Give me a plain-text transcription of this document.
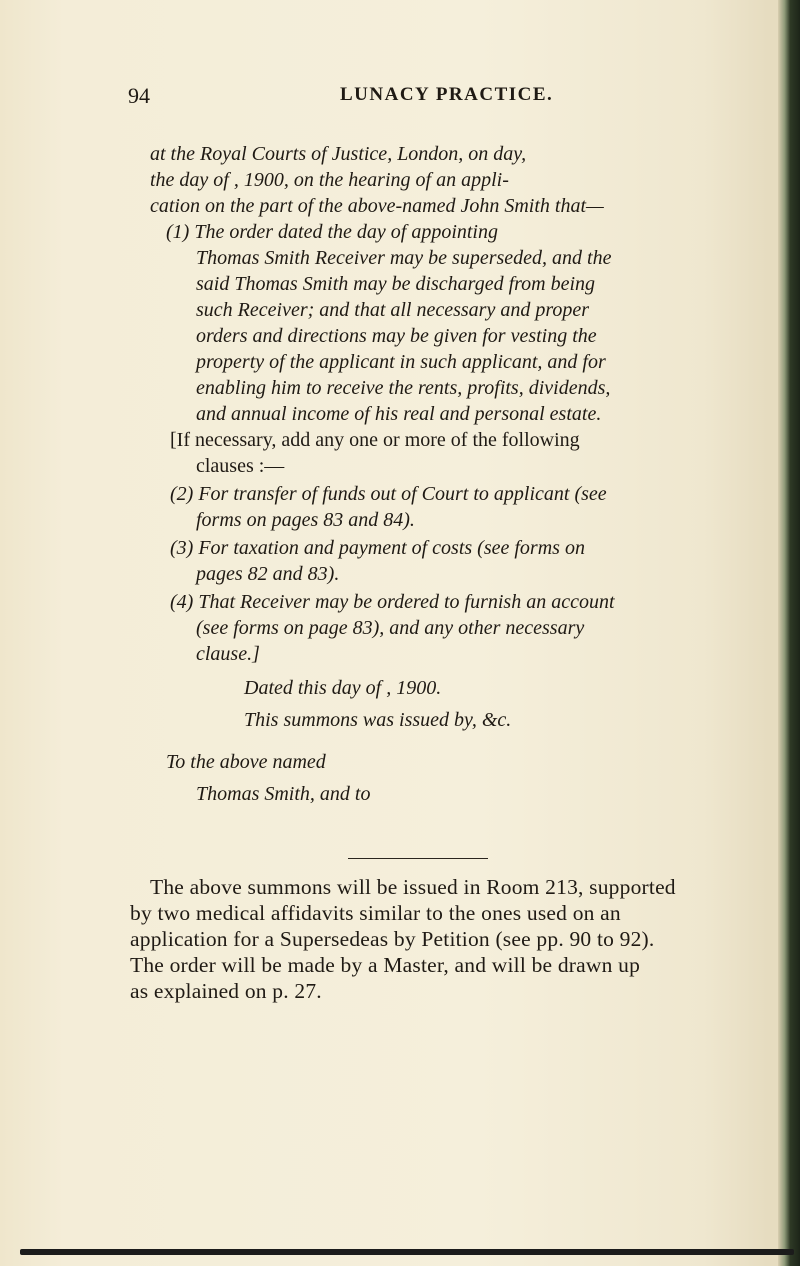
94	LUNACY PRACTICE.
at the Royal Courts of Justice, London, on day,
the day of , 1900, on the hearing of an appli-
cation on the part of the above-named John Smith that—
(1) The order dated the day of appointing
Thomas Smith Receiver may be superseded, and the
said Thomas Smith may be discharged from being
such Receiver; and that all necessary and proper
orders and directions may be given for vesting the
property of the applicant in such applicant, and for
enabling him to receive the rents, profits, dividends,
and annual income of his real and personal estate.
[If necessary, add any one or more of the following
clauses :—
(2) For transfer of funds out of Court to applicant (see
forms on pages 83 and 84).
(3) For taxation and payment of costs (see forms on
pages 82 and 83).
(4) That Receiver may be ordered to furnish an account
(see forms on page 83), and any other necessary
clause.]
Dated this day of , 1900.
This summons was issued by, &c.
To the above named
Thomas Smith, and to
The above summons will be issued in Room 213, supported
by two medical affidavits similar to the ones used on an
application for a Supersedeas by Petition (see pp. 90 to 92).
The order will be made by a Master, and will be drawn up
as explained on p. 27.
